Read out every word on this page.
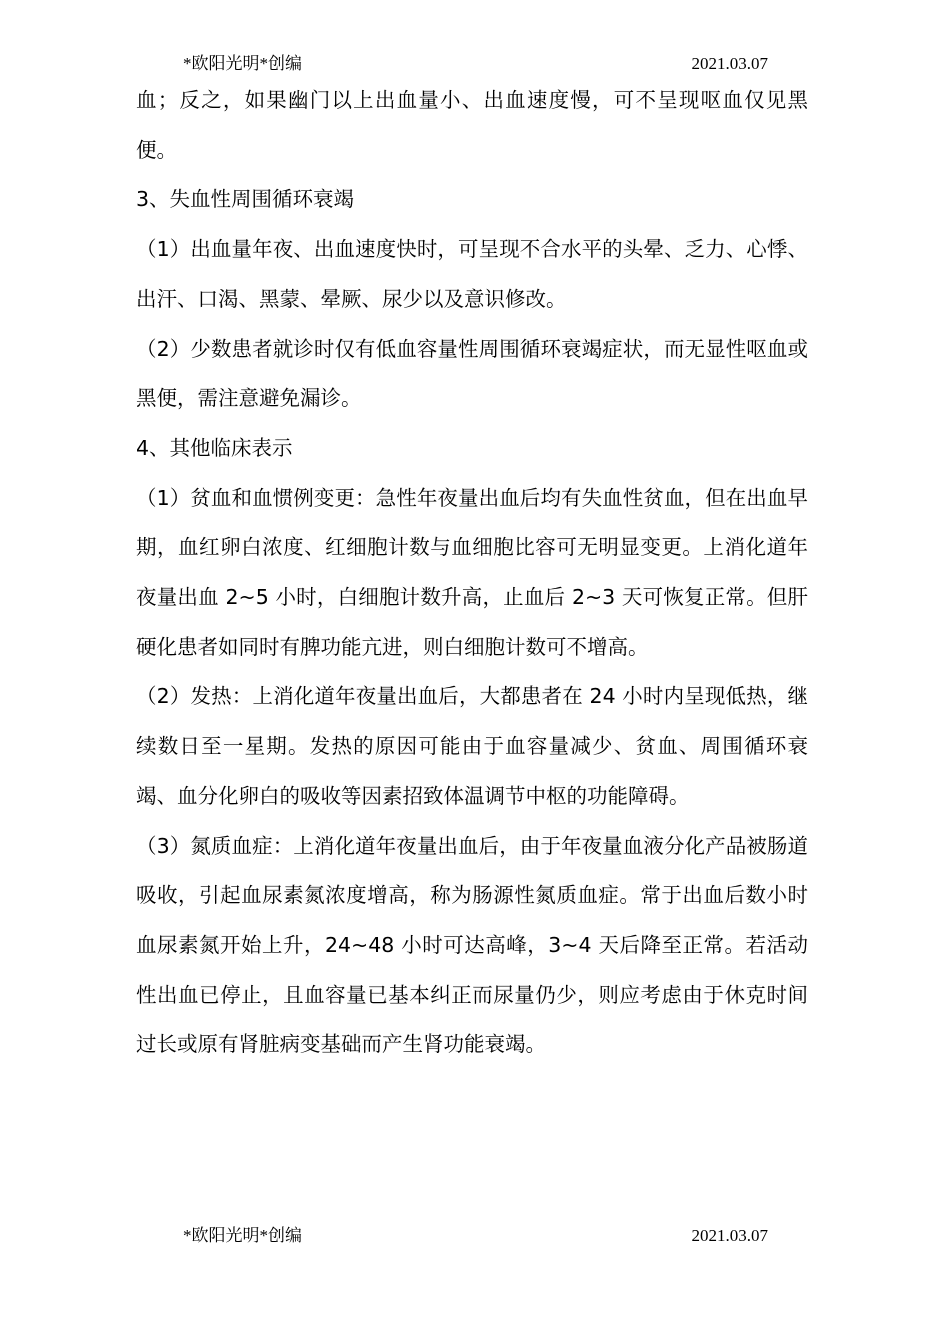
*欧阳光明*创编	2021.03.07

血；反之，如果幽门以上出血量小、出血速度慢，可不呈现呕血仅见黑便。

3、失血性周围循环衰竭

（1）出血量年夜、出血速度快时，可呈现不合水平的头晕、乏力、心悸、出汗、口渴、黑蒙、晕厥、尿少以及意识修改。

（2）少数患者就诊时仅有低血容量性周围循环衰竭症状，而无显性呕血或黑便，需注意避免漏诊。

4、其他临床表示

（1）贫血和血惯例变更：急性年夜量出血后均有失血性贫血，但在出血早期，血红卵白浓度、红细胞计数与血细胞比容可无明显变更。上消化道年夜量出血 2~5 小时，白细胞计数升高，止血后 2~3 天可恢复正常。但肝硬化患者如同时有脾功能亢进，则白细胞计数可不增高。

（2）发热：上消化道年夜量出血后，大都患者在 24 小时内呈现低热，继续数日至一星期。发热的原因可能由于血容量减少、贫血、周围循环衰竭、血分化卵白的吸收等因素招致体温调节中枢的功能障碍。

（3）氮质血症：上消化道年夜量出血后，由于年夜量血液分化产品被肠道吸收，引起血尿素氮浓度增高，称为肠源性氮质血症。常于出血后数小时血尿素氮开始上升，24~48 小时可达高峰，3~4 天后降至正常。若活动性出血已停止，且血容量已基本纠正而尿量仍少，则应考虑由于休克时间过长或原有肾脏病变基础而产生肾功能衰竭。

*欧阳光明*创编	2021.03.07
